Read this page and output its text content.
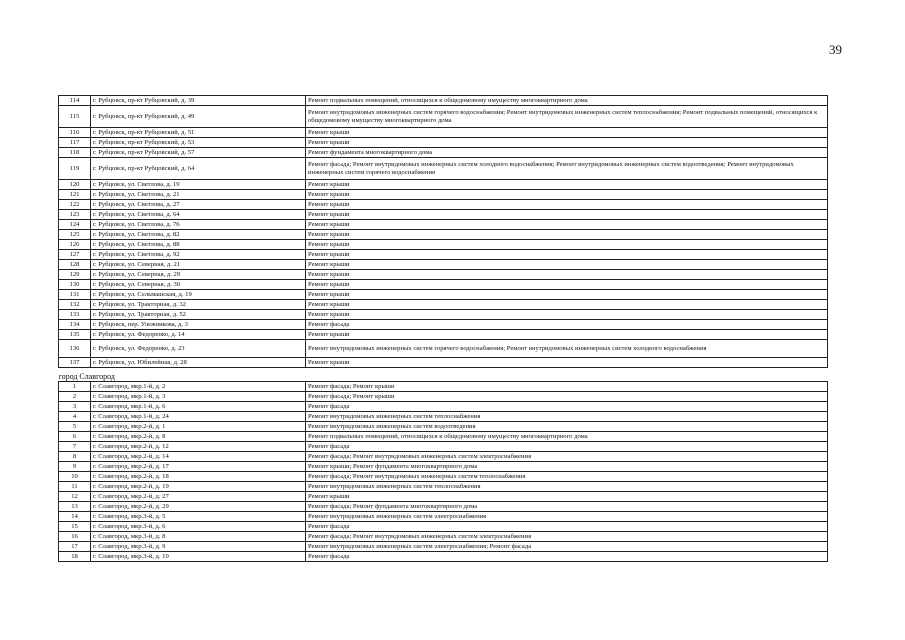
39
114	г. Рубцовск, пр-кт Рубцовский, д. 39	Ремонт подвальных помещений, относящихся к общедомовому имуществу многоквартирного дома
115	г. Рубцовск, пр-кт Рубцовский, д. 49	Ремонт внутридомовых инженерных систем горячего водоснабжения; Ремонт внутридомовых инженерных систем теплоснабжения; Ремонт подвальных помещений, относящихся к общедомовому имуществу многоквартирного дома
116	г. Рубцовск, пр-кт Рубцовский, д. 51	Ремонт крыши
117	г. Рубцовск, пр-кт Рубцовский, д. 53	Ремонт крыши
118	г. Рубцовск, пр-кт Рубцовский, д. 57	Ремонт фундамента многоквартирного дома
119	г. Рубцовск, пр-кт Рубцовский, д. 64	Ремонт фасада; Ремонт внутридомовых инженерных систем холодного водоснабжения; Ремонт внутридомовых инженерных систем водоотведения; Ремонт внутридомовых инженерных систем горячего водоснабжения
120	г. Рубцовск, ул. Светлова, д. 19	Ремонт крыши
121	г. Рубцовск, ул. Светлова, д. 21	Ремонт крыши
122	г. Рубцовск, ул. Светлова, д. 27	Ремонт крыши
123	г. Рубцовск, ул. Светлова, д. 64	Ремонт крыши
124	г. Рубцовск, ул. Светлова, д. 76	Ремонт крыши
125	г. Рубцовск, ул. Светлова, д. 82	Ремонт крыши
126	г. Рубцовск, ул. Светлова, д. 88	Ремонт крыши
127	г. Рубцовск, ул. Светлова, д. 92	Ремонт крыши
128	г. Рубцовск, ул. Северная, д. 21	Ремонт крыши
129	г. Рубцовск, ул. Северная, д. 29	Ремонт крыши
130	г. Рубцовск, ул. Северная, д. 30	Ремонт крыши
131	г. Рубцовск, ул. Сельмашская, д. 19	Ремонт крыши
132	г. Рубцовск, ул. Тракторная, д. 32	Ремонт крыши
133	г. Рубцовск, ул. Тракторная, д. 52	Ремонт крыши
134	г. Рубцовск, пер. Улежникова, д. 3	Ремонт фасада
135	г. Рубцовск, ул. Федоренко, д. 14	Ремонт крыши
136	г. Рубцовск, ул. Федоренко, д. 23	Ремонт внутридомовых инженерных систем горячего водоснабжения; Ремонт внутридомовых инженерных систем холодного водоснабжения
137	г. Рубцовск, ул. Юбилейная, д. 28	Ремонт крыши
город Славгород		
1	г. Славгород, мкр.1-й, д. 2	Ремонт фасада; Ремонт крыши
2	г. Славгород, мкр.1-й, д. 3	Ремонт фасада; Ремонт крыши
3	г. Славгород, мкр.1-й, д. 6	Ремонт фасада
4	г. Славгород, мкр.1-й, д. 24	Ремонт внутридомовых инженерных систем теплоснабжения
5	г. Славгород, мкр.2-й, д. 1	Ремонт внутридомовых инженерных систем водоотведения
6	г. Славгород, мкр.2-й, д. 8	Ремонт подвальных помещений, относящихся к общедомовому имуществу многоквартирного дома
7	г. Славгород, мкр.2-й, д. 12	Ремонт фасада
8	г. Славгород, мкр.2-й, д. 14	Ремонт фасада; Ремонт внутридомовых инженерных систем электроснабжения
9	г. Славгород, мкр.2-й, д. 17	Ремонт крыши; Ремонт фундамента многоквартирного дома
10	г. Славгород, мкр.2-й, д. 18	Ремонт фасада; Ремонт внутридомовых инженерных систем теплоснабжения
11	г. Славгород, мкр.2-й, д. 19	Ремонт внутридомовых инженерных систем теплоснабжения
12	г. Славгород, мкр.2-й, д. 27	Ремонт крыши
13	г. Славгород, мкр.2-й, д. 29	Ремонт фасада; Ремонт фундамента многоквартирного дома
14	г. Славгород, мкр.3-й, д. 5	Ремонт внутридомовых инженерных систем электроснабжения
15	г. Славгород, мкр.3-й, д. 6	Ремонт фасада
16	г. Славгород, мкр.3-й, д. 8	Ремонт фасада; Ремонт внутридомовых инженерных систем электроснабжения
17	г. Славгород, мкр.3-й, д. 9	Ремонт внутридомовых инженерных систем электроснабжения; Ремонт фасада
18	г. Славгород, мкр.3-й, д. 10	Ремонт фасада
